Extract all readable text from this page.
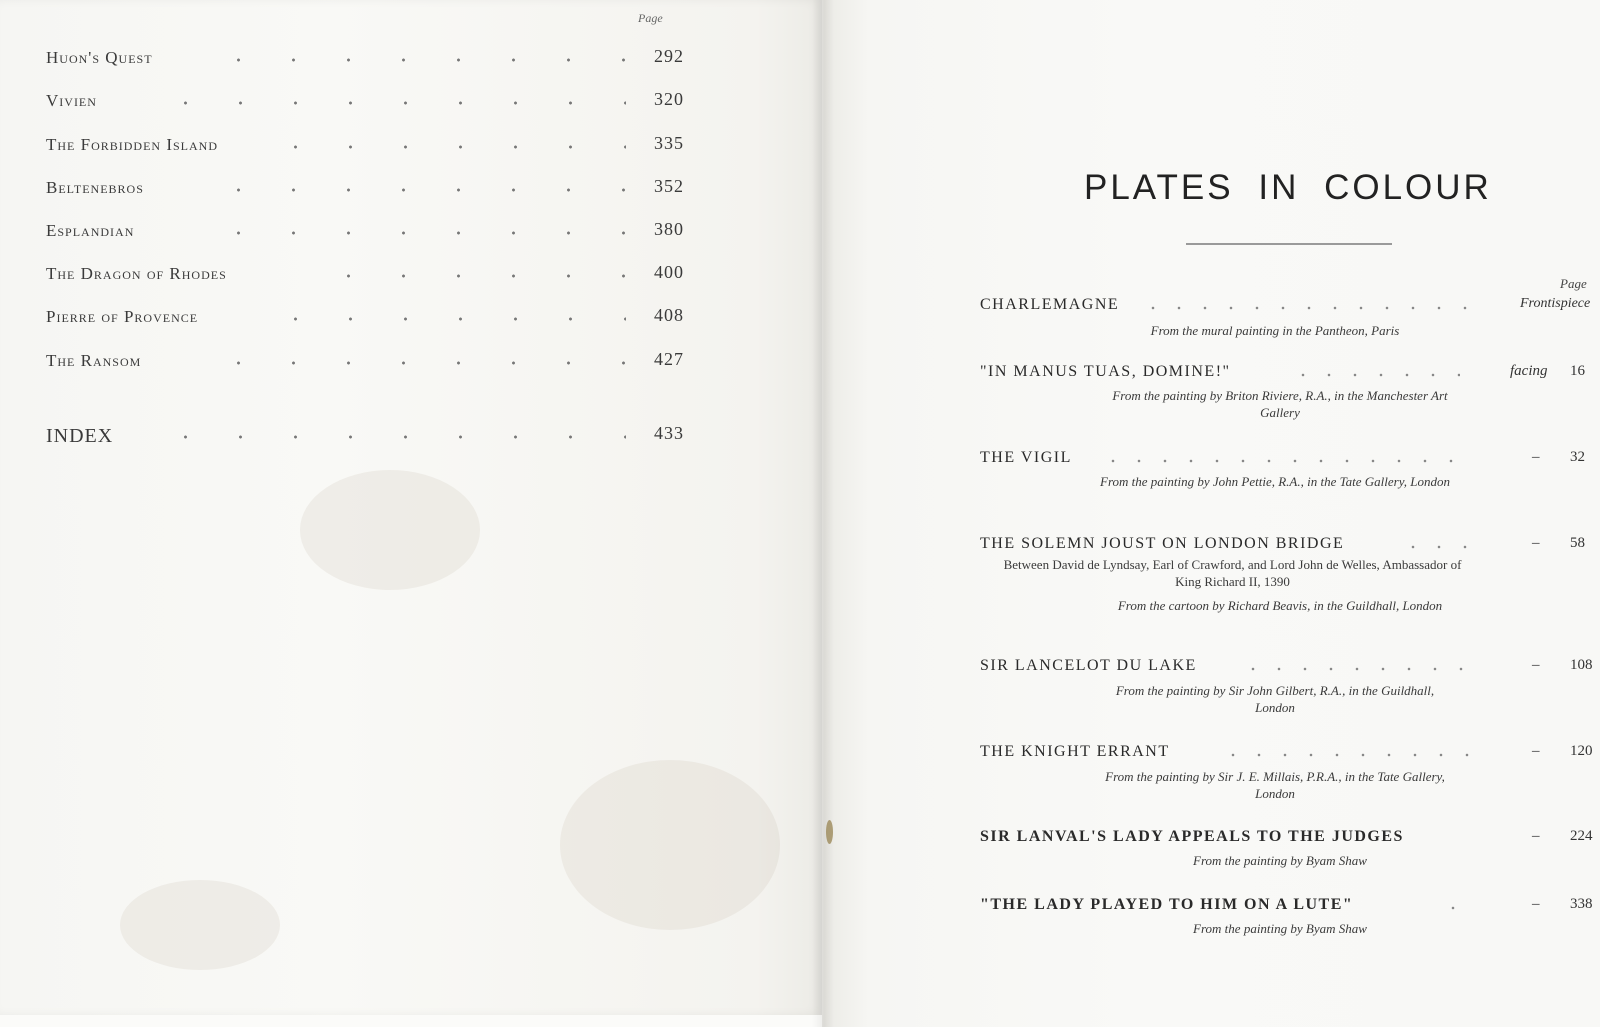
Page
Huon's Quest	292
Vivien	320
The Forbidden Island	335
Beltenebros	352
Esplandian	380
The Dragon of Rhodes	400
Pierre of Provence	408
The Ransom	427
INDEX	433
PLATES IN COLOUR
Page
CHARLEMAGNE	Frontispiece
From the mural painting in the Pantheon, Paris
"IN MANUS TUAS, DOMINE!"	facing 16
From the painting by Briton Riviere, R.A., in the Manchester Art Gallery
THE VIGIL	– 32
From the painting by John Pettie, R.A., in the Tate Gallery, London
THE SOLEMN JOUST ON LONDON BRIDGE	– 58
Between David de Lyndsay, Earl of Crawford, and Lord John de Welles, Ambassador of King Richard II, 1390
From the cartoon by Richard Beavis, in the Guildhall, London
SIR LANCELOT DU LAKE	– 108
From the painting by Sir John Gilbert, R.A., in the Guildhall, London
THE KNIGHT ERRANT	– 120
From the painting by Sir J. E. Millais, P.R.A., in the Tate Gallery, London
SIR LANVAL'S LADY APPEALS TO THE JUDGES	– 224
From the painting by Byam Shaw
"THE LADY PLAYED TO HIM ON A LUTE"	– 338
From the painting by Byam Shaw
